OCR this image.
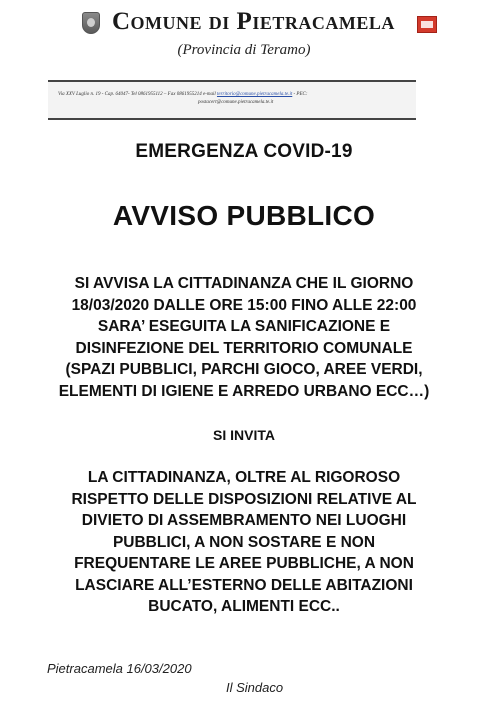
Comune di Pietracamela
(Provincia di Teramo)
Via XXV Luglio n. 19 - Cap. 64047- Tel 0861955112 – Fax 0861955214 e-mail territorio@comune.pietracamela.te.it - PEC:
postacert@comune.pietracamela.te.it
EMERGENZA COVID-19
AVVISO PUBBLICO
SI AVVISA LA CITTADINANZA CHE IL GIORNO
18/03/2020 DALLE ORE 15:00 FINO ALLE 22:00
SARA’ ESEGUITA LA SANIFICAZIONE E
DISINFEZIONE DEL TERRITORIO COMUNALE
(SPAZI PUBBLICI, PARCHI GIOCO, AREE VERDI,
ELEMENTI DI IGIENE E ARREDO URBANO ECC…)
SI INVITA
LA CITTADINANZA, OLTRE AL RIGOROSO
RISPETTO DELLE DISPOSIZIONI RELATIVE AL
DIVIETO DI ASSEMBRAMENTO NEI LUOGHI
PUBBLICI, A NON SOSTARE E NON
FREQUENTARE LE AREE PUBBLICHE, A NON
LASCIARE ALL’ESTERNO DELLE ABITAZIONI
BUCATO, ALIMENTI ECC..
Pietracamela 16/03/2020
Il Sindaco
